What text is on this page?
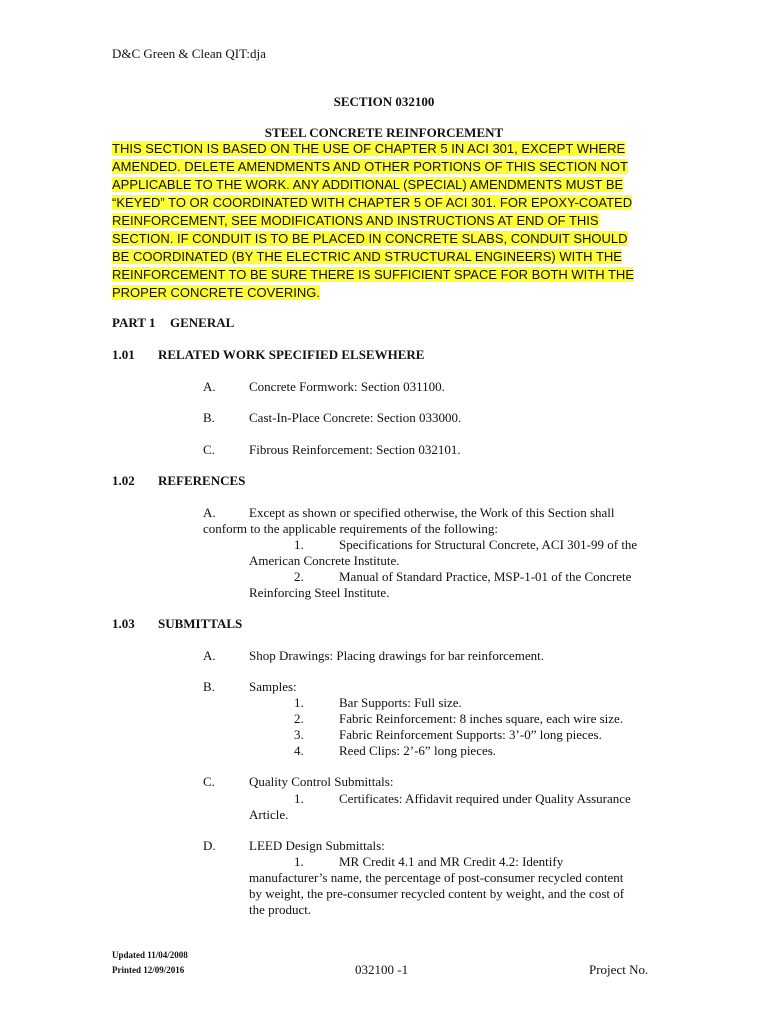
D&C Green & Clean QIT:dja
SECTION 032100
STEEL CONCRETE REINFORCEMENT
THIS SECTION IS BASED ON THE USE OF CHAPTER 5 IN ACI 301, EXCEPT WHERE
AMENDED. DELETE AMENDMENTS AND OTHER PORTIONS OF THIS SECTION NOT
APPLICABLE TO THE WORK. ANY ADDITIONAL (SPECIAL) AMENDMENTS MUST BE
“KEYED” TO OR COORDINATED WITH CHAPTER 5 OF ACI 301. FOR EPOXY-COATED
REINFORCEMENT, SEE MODIFICATIONS AND INSTRUCTIONS AT END OF THIS
SECTION. IF CONDUIT IS TO BE PLACED IN CONCRETE SLABS, CONDUIT SHOULD
BE COORDINATED (BY THE ELECTRIC AND STRUCTURAL ENGINEERS) WITH THE
REINFORCEMENT TO BE SURE THERE IS SUFFICIENT SPACE FOR BOTH WITH THE
PROPER CONCRETE COVERING.
PART 1 GENERAL
1.01 RELATED WORK SPECIFIED ELSEWHERE
A.	Concrete Formwork: Section 031100.
B.	Cast-In-Place Concrete: Section 033000.
C.	Fibrous Reinforcement: Section 032101.
1.02 REFERENCES
A.	Except as shown or specified otherwise, the Work of this Section shall
conform to the applicable requirements of the following:
1.	Specifications for Structural Concrete, ACI 301-99 of the
American Concrete Institute.
2.	Manual of Standard Practice, MSP-1-01 of the Concrete
Reinforcing Steel Institute.
1.03 SUBMITTALS
A.	Shop Drawings: Placing drawings for bar reinforcement.
B.	Samples:
1.	Bar Supports: Full size.
2.	Fabric Reinforcement: 8 inches square, each wire size.
3.	Fabric Reinforcement Supports: 3’-0” long pieces.
4.	Reed Clips: 2’-6” long pieces.
C.	Quality Control Submittals:
1.	Certificates: Affidavit required under Quality Assurance
Article.
D.	LEED Design Submittals:
1.	MR Credit 4.1 and MR Credit 4.2: Identify
manufacturer’s name, the percentage of post-consumer recycled content
by weight, the pre-consumer recycled content by weight, and the cost of
the product.
Updated 11/04/2008
Printed 12/09/2016	032100 -1	Project No.
